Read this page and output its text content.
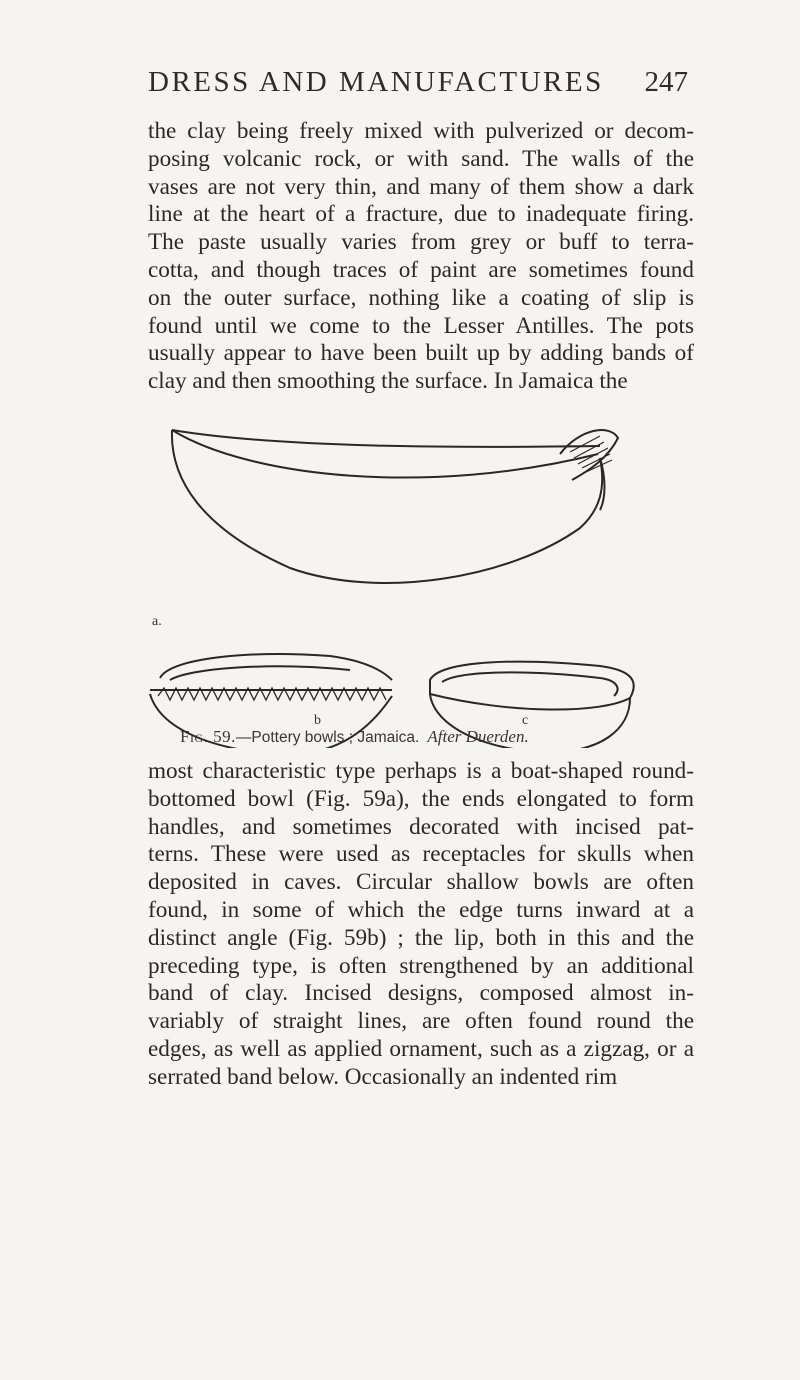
DRESS AND MANUFACTURES 247
the clay being freely mixed with pulverized or decom-
posing volcanic rock, or with sand. The walls of the
vases are not very thin, and many of them show a dark
line at the heart of a fracture, due to inadequate firing.
The paste usually varies from grey or buff to terra-
cotta, and though traces of paint are sometimes found
on the outer surface, nothing like a coating of slip is
found until we come to the Lesser Antilles. The pots
usually appear to have been built up by adding bands of
clay and then smoothing the surface. In Jamaica the
a.
b	c
Fig. 59.—Pottery bowls ; Jamaica. After Duerden.
most characteristic type perhaps is a boat-shaped round-
bottomed bowl (Fig. 59a), the ends elongated to form
handles, and sometimes decorated with incised pat-
terns. These were used as receptacles for skulls when
deposited in caves. Circular shallow bowls are often
found, in some of which the edge turns inward at a
distinct angle (Fig. 59b) ; the lip, both in this and the
preceding type, is often strengthened by an additional
band of clay. Incised designs, composed almost in-
variably of straight lines, are often found round the
edges, as well as applied ornament, such as a zigzag, or a
serrated band below. Occasionally an indented rim
